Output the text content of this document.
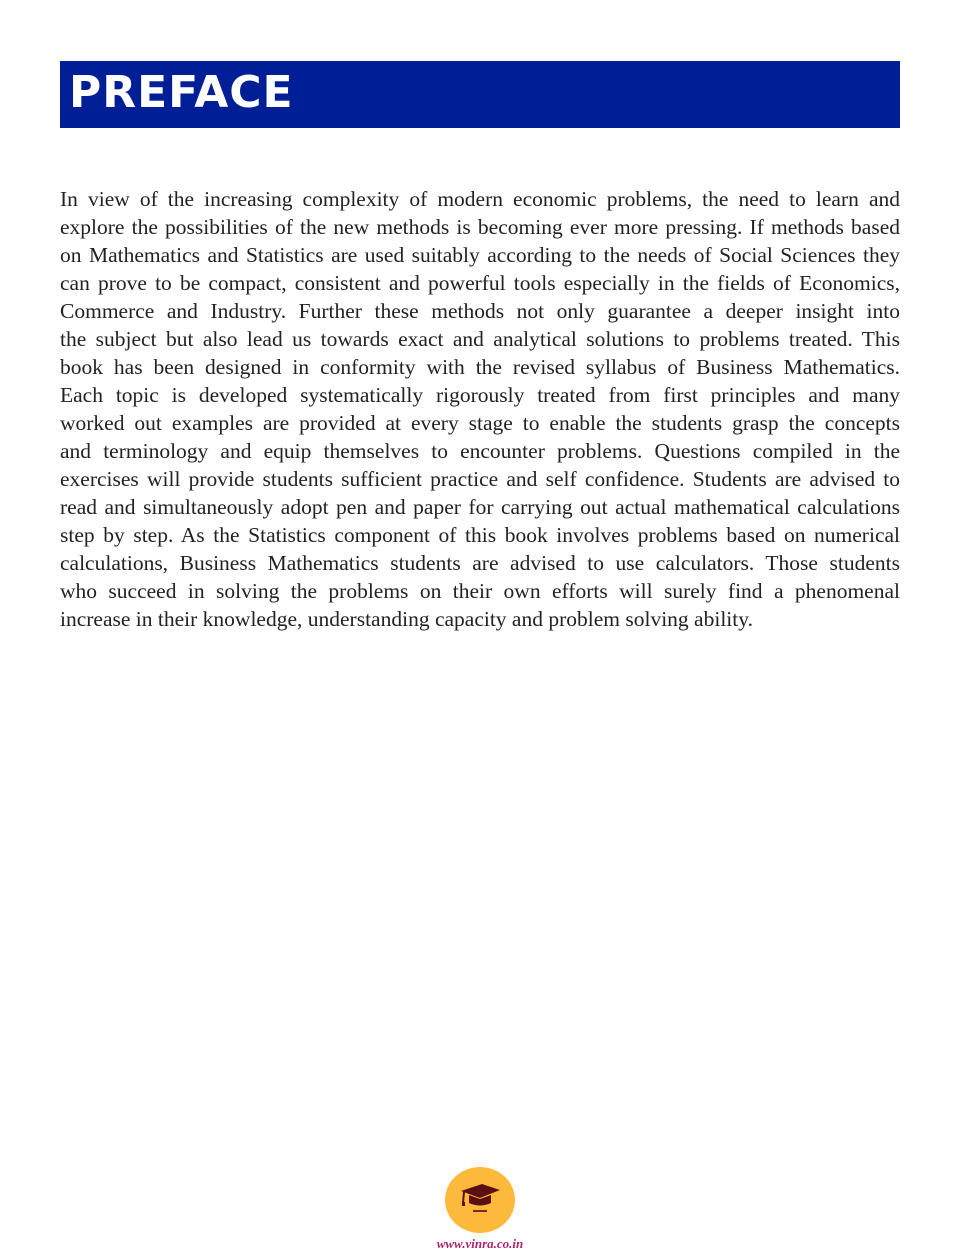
PREFACE
In view of the increasing complexity of modern economic problems, the need to learn and
explore the possibilities of the new methods is becoming ever more pressing. If methods based
on Mathematics and Statistics are used suitably according to the needs of Social Sciences they
can prove to be compact, consistent and powerful tools especially in the fields of Economics,
Commerce and Industry. Further these methods not only guarantee a deeper insight into
the subject but also lead us towards exact and analytical solutions to problems treated. This
book has been designed in conformity with the revised syllabus of Business Mathematics.
Each topic is developed systematically rigorously treated from first principles and many
worked out examples are provided at every stage to enable the students grasp the concepts
and terminology and equip themselves to encounter problems. Questions compiled in the
exercises will provide students sufficient practice and self confidence. Students are advised to
read and simultaneously adopt pen and paper for carrying out actual mathematical calculations
step by step. As the Statistics component of this book involves problems based on numerical
calculations, Business Mathematics students are advised to use calculators. Those students
who succeed in solving the problems on their own efforts will surely find a phenomenal
increase in their knowledge, understanding capacity and problem solving ability.
www.vinra.co.in
